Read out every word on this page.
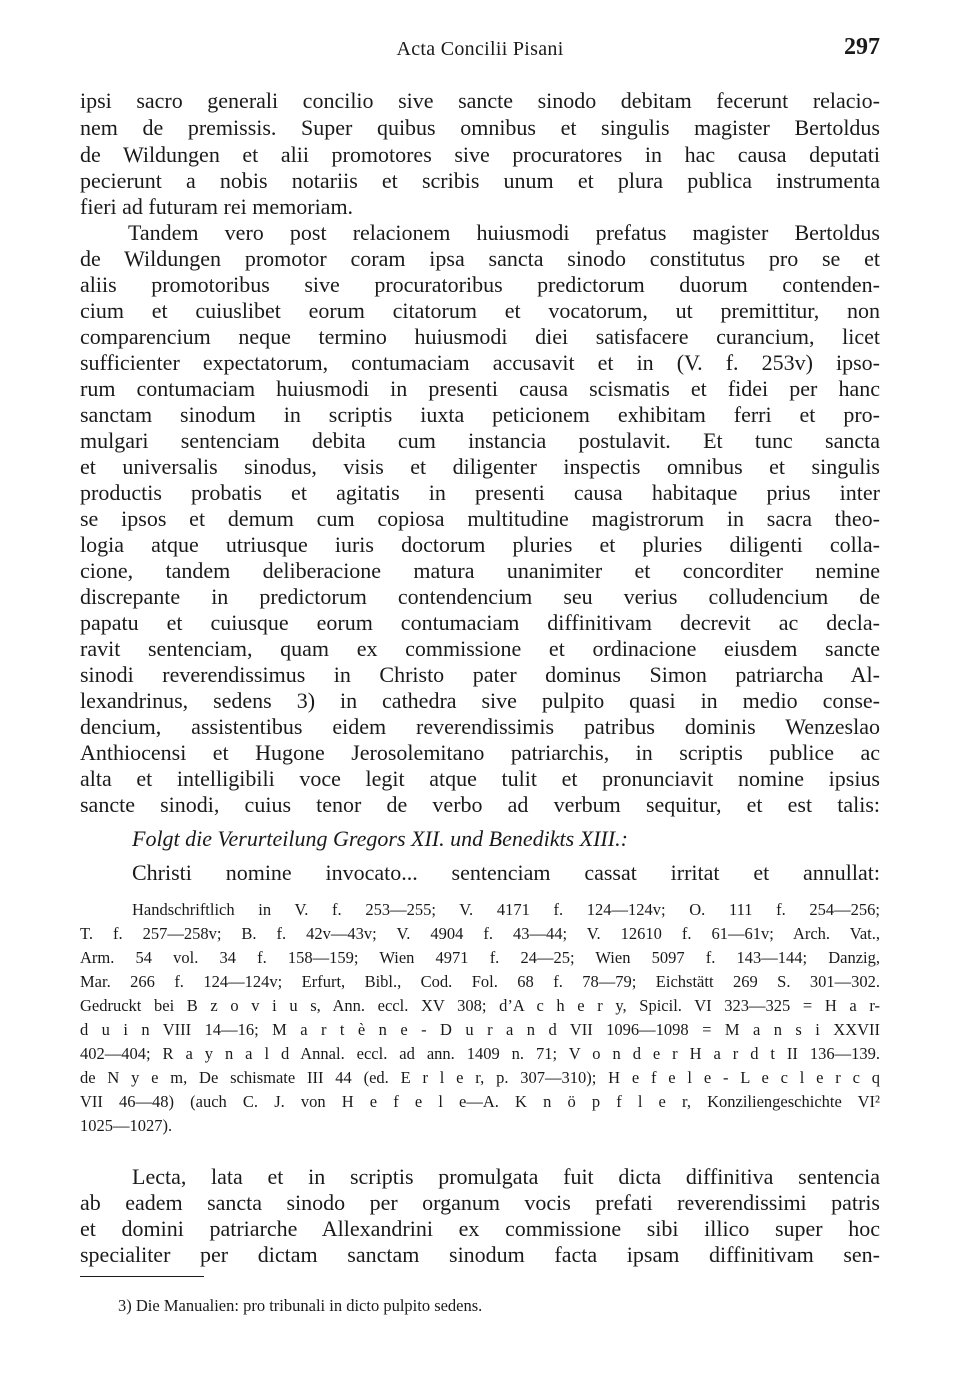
Acta Concilii Pisani	297
ipsi sacro generali concilio sive sancte sinodo debitam fecerunt relacio-
nem de premissis. Super quibus omnibus et singulis magister Bertoldus
de Wildungen et alii promotores sive procuratores in hac causa deputati
pecierunt a nobis notariis et scribis unum et plura publica instrumenta
fieri ad futuram rei memoriam.
Tandem vero post relacionem huiusmodi prefatus magister Bertoldus
de Wildungen promotor coram ipsa sancta sinodo constitutus pro se et
aliis promotoribus sive procuratoribus predictorum duorum contenden-
cium et cuiuslibet eorum citatorum et vocatorum, ut premittitur, non
comparencium neque termino huiusmodi diei satisfacere curancium, licet
sufficienter expectatorum, contumaciam accusavit et in (V. f. 253v) ipso-
rum contumaciam huiusmodi in presenti causa scismatis et fidei per hanc
sanctam sinodum in scriptis iuxta peticionem exhibitam ferri et pro-
mulgari sentenciam debita cum instancia postulavit. Et tunc sancta
et universalis sinodus, visis et diligenter inspectis omnibus et singulis
productis probatis et agitatis in presenti causa habitaque prius inter
se ipsos et demum cum copiosa multitudine magistrorum in sacra theo-
logia atque utriusque iuris doctorum pluries et pluries diligenti colla-
cione, tandem deliberacione matura unanimiter et concorditer nemine
discrepante in predictorum contendencium seu verius colludencium de
papatu et cuiusque eorum contumaciam diffinitivam decrevit ac decla-
ravit sentenciam, quam ex commissione et ordinacione eiusdem sancte
sinodi reverendissimus in Christo pater dominus Simon patriarcha Al-
lexandrinus, sedens 3) in cathedra sive pulpito quasi in medio conse-
dencium, assistentibus eidem reverendissimis patribus dominis Wenzeslao
Anthiocensi et Hugone Jerosolemitano patriarchis, in scriptis publice ac
alta et intelligibili voce legit atque tulit et pronunciavit nomine ipsius
sancte sinodi, cuius tenor de verbo ad verbum sequitur, et est talis:
Folgt die Verurteilung Gregors XII. und Benedikts XIII.:
Christi nomine invocato... sentenciam cassat irritat et annullat:
Handschriftlich in V. f. 253—255; V. 4171 f. 124—124v; O. 111 f. 254—256;
T. f. 257—258v; B. f. 42v—43v; V. 4904 f. 43—44; V. 12610 f. 61—61v; Arch. Vat.,
Arm. 54 vol. 34 f. 158—159; Wien 4971 f. 24—25; Wien 5097 f. 143—144; Danzig,
Mar. 266 f. 124—124v; Erfurt, Bibl., Cod. Fol. 68 f. 78—79; Eichstätt 269 S. 301—302.
Gedruckt bei B z o v i u s, Ann. eccl. XV 308; d’A c h e r y, Spicil. VI 323—325 = H a r-
d u i n VIII 14—16; M a r t è n e - D u r a n d VII 1096—1098 = M a n s i XXVII
402—404; R a y n a l d Annal. eccl. ad ann. 1409 n. 71; V o n d e r H a r d t II 136—139.
de N y e m, De schismate III 44 (ed. E r l e r, p. 307—310); H e f e l e - L e c l e r c q
VII 46—48) (auch C. J. von H e f e l e—A. K n ö p f l e r, Konziliengeschichte VI²
1025—1027).
Lecta, lata et in scriptis promulgata fuit dicta diffinitiva sentencia
ab eadem sancta sinodo per organum vocis prefati reverendissimi patris
et domini patriarche Allexandrini ex commissione sibi illico super hoc
specialiter per dictam sanctam sinodum facta ipsam diffinitivam sen-
3) Die Manualien: pro tribunali in dicto pulpito sedens.
